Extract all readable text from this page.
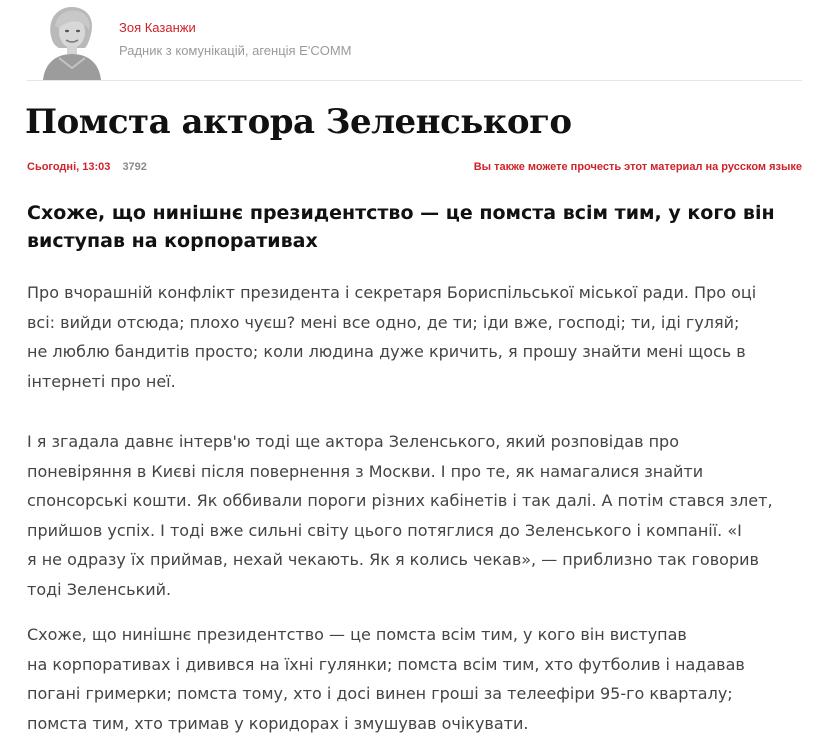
Зоя Казанжи
Радник з комунікацій, агенція Е'COMM
Помста актора Зеленського
Сьогодні, 13:03 3792	Вы также можете прочесть этот материал на русском языке
Схоже, що нинішнє президентство — це помста всім тим, у кого він виступав на корпоративах

Про вчорашній конфлікт президента і секретаря Бориспільської міської ради. Про оці
всі: вийди отсюда; плохо чуєш? мені все одно, де ти; іди вже, господі; ти, іді гуляй;
не люблю бандитів просто; коли людина дуже кричить, я прошу знайти мені щось в
інтернеті про неї.

І я згадала давнє інтерв'ю тоді ще актора Зеленського, який розповідав про
поневіряння в Києві після повернення з Москви. І про те, як намагалися знайти
спонсорські кошти. Як оббивали пороги різних кабінетів і так далі. А потім стався злет,
прийшов успіх. І тоді вже сильні світу цього потяглися до Зеленського і компанії. «І
я не одразу їх приймав, нехай чекають. Як я колись чекав», — приблизно так говорив
тоді Зеленський.

Схоже, що нинішнє президентство — це помста всім тим, у кого він виступав
на корпоративах і дивився на їхні гулянки; помста всім тим, хто футболив і надавав
погані гримерки; помста тому, хто і досі винен гроші за телеефіри 95-го кварталу;
помста тим, хто тримав у коридорах і змушував очікувати.
